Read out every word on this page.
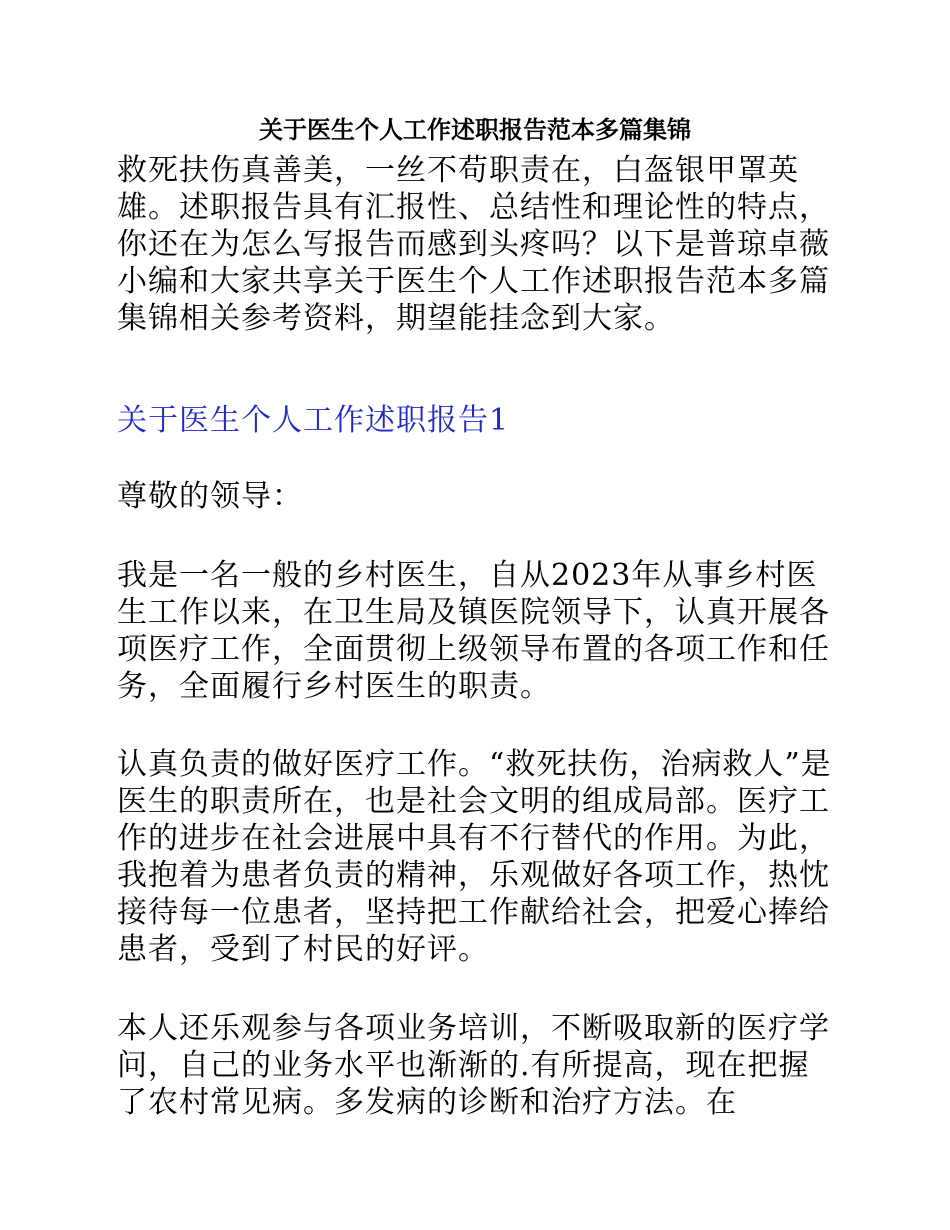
关于医生个人工作述职报告范本多篇集锦

救死扶伤真善美，一丝不苟职责在，白盔银甲罩英雄。述职报告具有汇报性、总结性和理论性的特点，你还在为怎么写报告而感到头疼吗？以下是普琼卓薇小编和大家共享关于医生个人工作述职报告范本多篇集锦相关参考资料，期望能挂念到大家。

关于医生个人工作述职报告1

尊敬的领导：

我是一名一般的乡村医生，自从2023年从事乡村医生工作以来，在卫生局及镇医院领导下，认真开展各项医疗工作，全面贯彻上级领导布置的各项工作和任务，全面履行乡村医生的职责。

认真负责的做好医疗工作。“救死扶伤，治病救人”是医生的职责所在，也是社会文明的组成局部。医疗工作的进步在社会进展中具有不行替代的作用。为此，我抱着为患者负责的精神，乐观做好各项工作，热忱接待每一位患者，坚持把工作献给社会，把爱心捧给患者，受到了村民的好评。

本人还乐观参与各项业务培训，不断吸取新的医疗学问，自己的业务水平也渐渐的.有所提高，现在把握了农村常见病。多发病的诊断和治疗方法。在
